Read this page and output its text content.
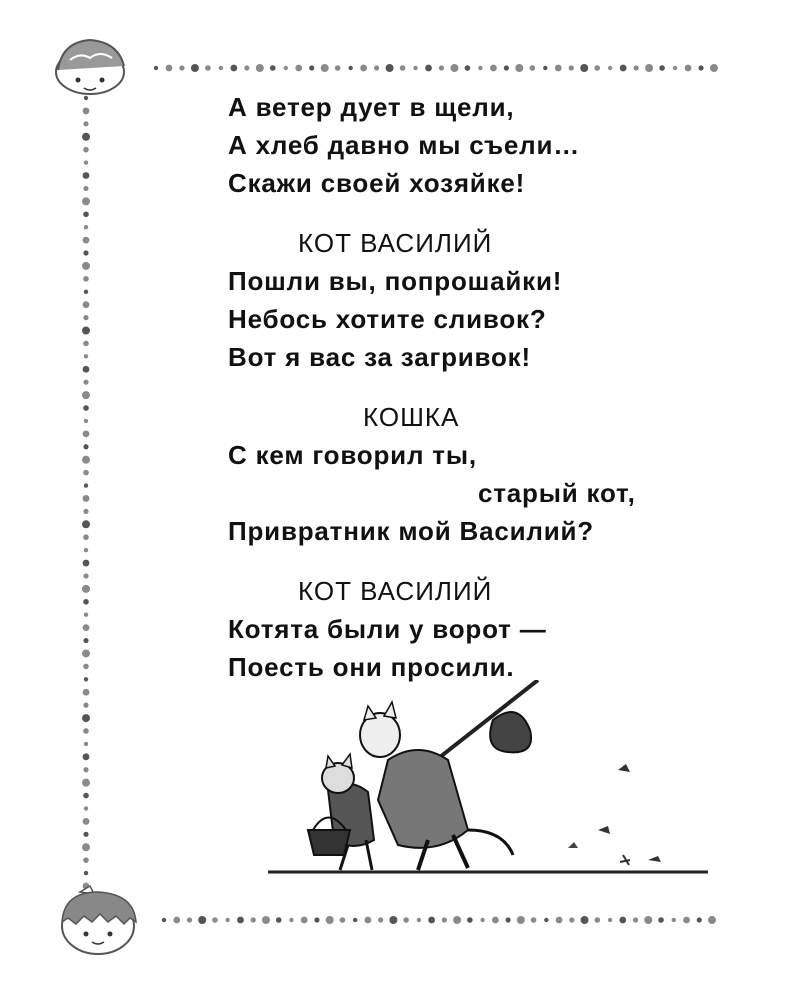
А ветер дует в щели,
А хлеб давно мы съели…
Скажи своей хозяйке!
КОТ ВАСИЛИЙ
Пошли вы, попрошайки!
Небось хотите сливок?
Вот я вас за загривок!
КОШКА
С кем говорил ты,
старый кот,
Привратник мой Василий?
КОТ ВАСИЛИЙ
Котята были у ворот —
Поесть они просили.
